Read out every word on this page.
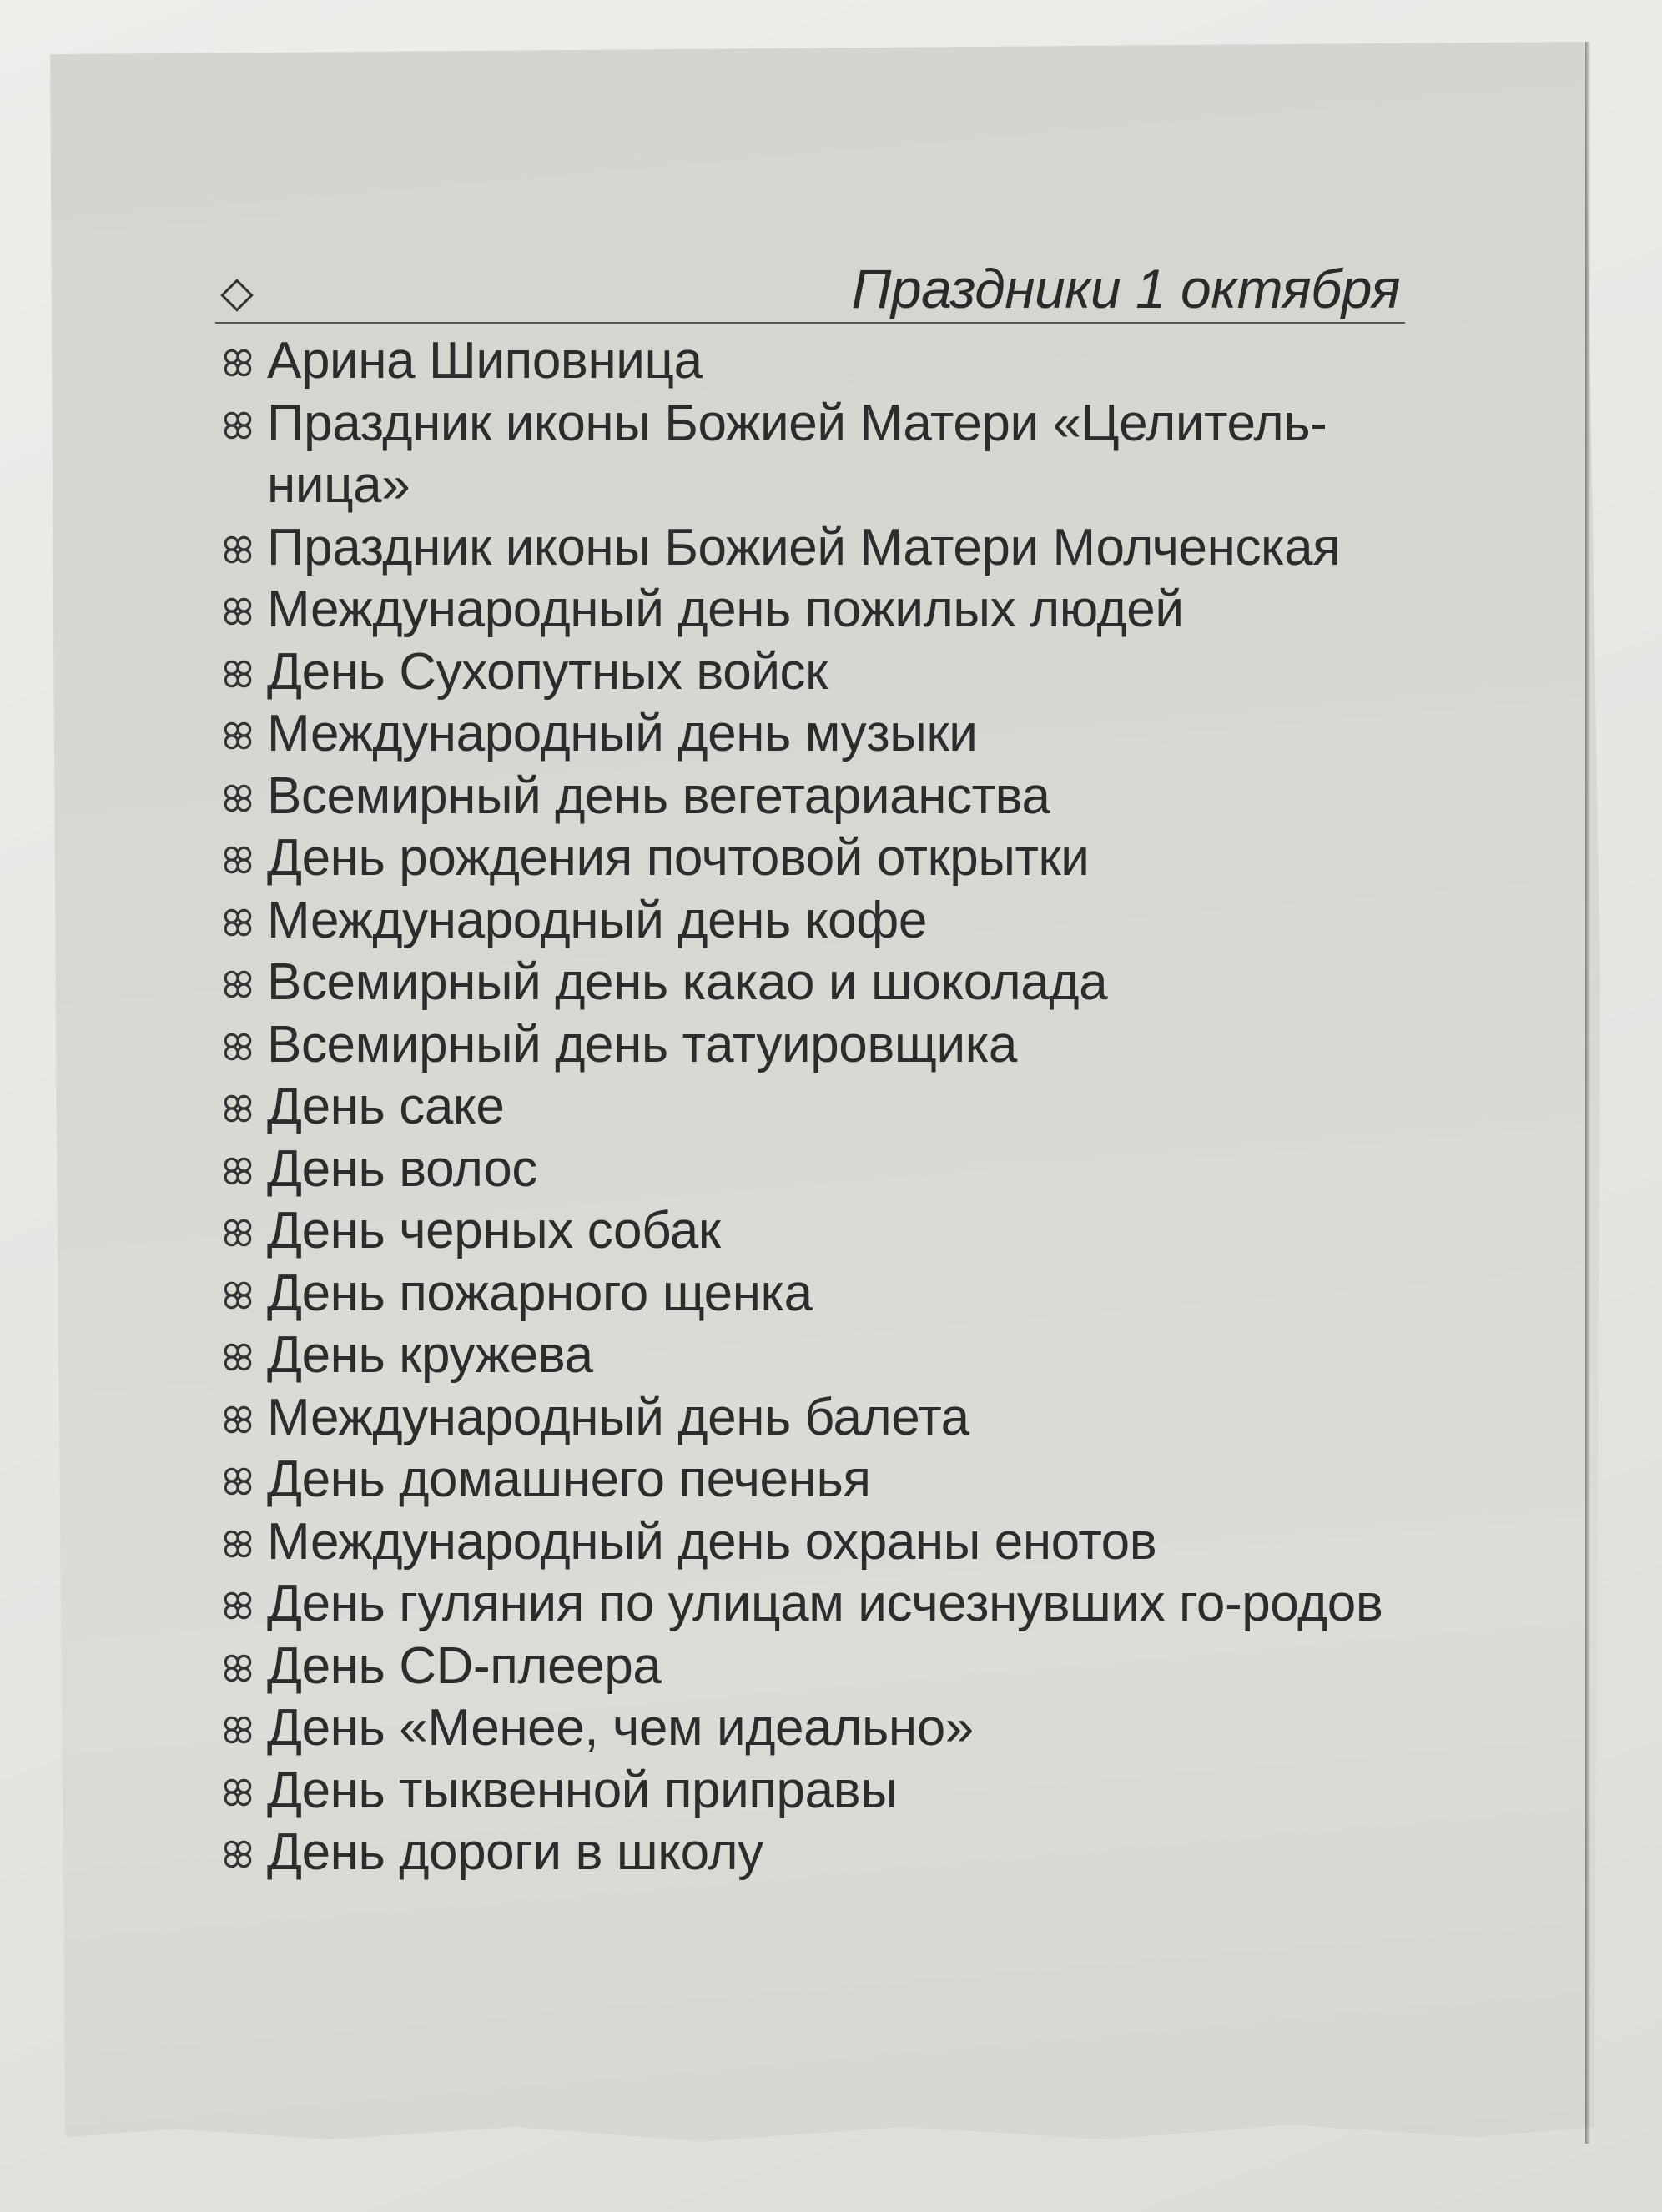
Праздники 1 октября
Арина Шиповница
Праздник иконы Божией Матери «Целитель-ница»
Праздник иконы Божией Матери Молченская
Международный день пожилых людей
День Сухопутных войск
Международный день музыки
Всемирный день вегетарианства
День рождения почтовой открытки
Международный день кофе
Всемирный день какао и шоколада
Всемирный день татуировщика
День саке
День волос
День черных собак
День пожарного щенка
День кружева
Международный день балета
День домашнего печенья
Международный день охраны енотов
День гуляния по улицам исчезнувших го-родов
День CD-плеера
День «Менее, чем идеально»
День тыквенной приправы
День дороги в школу
